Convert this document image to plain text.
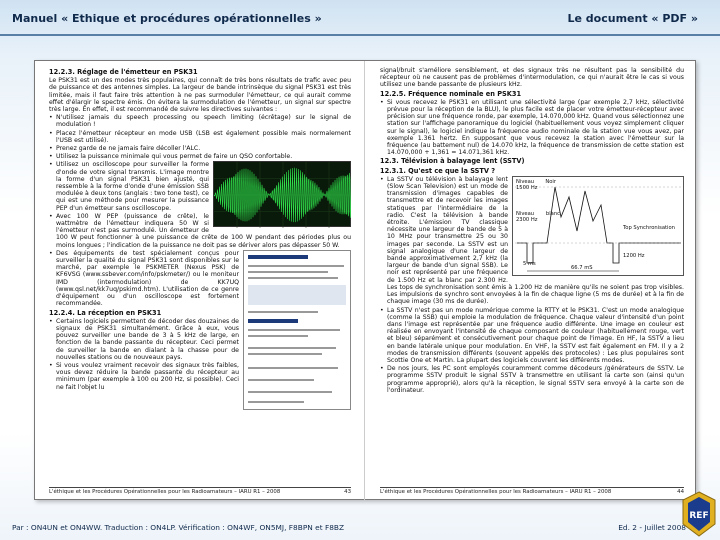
Manuel « Ethique et procédures opérationnelles »	Le document « PDF »
12.2.3. Réglage de l'émetteur en PSK31

Le PSK31 est un des modes très populaires, qui connaît de très bons résultats de trafic avec peu de puissance et des antennes simples. La largeur de bande intrinsèque du signal PSK31 est très limitée, mais il faut faire très attention à ne pas surmoduler l'émetteur, ce qui aurait comme effet d'élargir le spectre émis. On évitera la surmodulation de l'émetteur, un signal sur spectre très large. En effet, il est recommandé de suivre les directives suivantes :

• N'utilisez jamais du speech processing ou speech limiting (écrêtage) sur le signal de modulation !
• Placez l'émetteur récepteur en mode USB (LSB est également possible mais normalement l'USB est utilisé).
• Prenez garde de ne jamais faire décoller l'ALC.
• Utilisez la puissance minimale qui vous permet de faire un QSO confortable.
• Utilisez un oscilloscope pour surveiller la forme d'onde de votre signal transmis. L'image montre la forme d'un signal PSK31 bien ajusté, qui ressemble à la forme d'onde d'une émission SSB modulée à deux tons (anglais : two tone test), ce qui est une méthode pour mesurer la puissance PEP d'un émetteur sans oscilloscope.
• Avec 100 W PEP (puissance de crête), le wattmètre de l'émetteur indiquera 50 W si l'émetteur n'est pas surmodulé. Un émetteur de 100 W peut fonctionner à une puissance de crête de 100 W pendant des périodes plus ou moins longues ; l'indication de la puissance ne doit pas se dériver alors pas dépasser 50 W.
• Des équipements de test spécialement conçus pour surveiller la qualité du signal PSK31 sont disponibles sur le marché, par exemple le PSKMETER (Nexus PSK) de KF6VSG (www.ssbever.com/info/pskmeter/) ou le moniteur IMD (intermodulation) de KK7UQ (www.qsl.net/kk7uq/pskimd.htm). L'utilisation de ce genre d'équipement ou d'un oscilloscope est fortement recommandée.
12.2.4. La réception en PSK31
• Certains logiciels permettent de décoder des douzaines de signaux de PSK31 simultanément. Grâce à eux, vous pouvez surveiller une bande de 3 à 5 kHz de large, en fonction de la bande passante du récepteur. Ceci permet de surveiller la bande en dialant à la chasse pour de nouvelles stations ou de nouveaux pays.
• Si vous voulez vraiment recevoir des signaux très faibles, vous devez réduire la bande passante du récepteur au minimum (par exemple à 100 ou 200 Hz, si possible). Ceci ne fait l'objet lu
L'éthique et les Procédures Opérationnelles pour les Radioamateurs – IARU R1 – 2008	43

signal/bruit s'améliore sensiblement, et des signaux très ne résultent pas la sensibilité du récepteur où ne causent pas de problèmes d'intermodulation, ce qui n'aurait être le cas si vous utilisez une bande passante de plusieurs kHz.

12.2.5. Fréquence nominale en PSK31
• Si vous recevez le PSK31 en utilisant une sélectivité large (par exemple 2,7 kHz, sélectivité prévue pour la réception de la BLU), le plus facile est de placer votre émetteur-récepteur avec précision sur une fréquence ronde, par exemple, 14.070,000 kHz. Quand vous sélectionnez une station sur l'affichage panoramique du logiciel (habituellement vous voyez simplement cliquer sur le signal), le logiciel indique la fréquence audio nominale de la station vue vous avez, par exemple 1.361 hertz. En supposant que vous recevez la station avec l'émetteur sur la fréquence (au battement nul) de 14.070 kHz, la fréquence de transmission de cette station est 14.070,000 + 1,361 = 14.071,361 kHz.
12.3. Télévision à balayage lent (SSTV)
12.3.1. Qu'est ce que la SSTV ?
• Niveau Noir 1500 Hz
Niveau blanc 2300 Hz
Top Synchronisation
1200 Hz
5 ms
66.7 mS
La SSTV ou télévision à balayage lent (Slow Scan Television) est un mode de transmission d'images capables de transmettre et de recevoir les images statiques par l'intermédiaire de la radio. C'est la télévision à bande étroite. L'émission TV classique nécessite une largeur de bande de 5 à 10 MHz pour transmettre 25 ou 30 images par seconde. La SSTV est un signal analogique d'une largeur de bande approximativement 2,7 kHz (la largeur de bande d'un signal SSB). Le noir est représenté par une fréquence de 1.500 Hz et la blanc par 2.300 Hz. Les tops de synchronisation sont émis à 1.200 Hz de manière qu'ils ne soient pas trop visibles. Les impulsions de synchro sont envoyées à la fin de chaque ligne (5 ms de durée) et à la fin de chaque image (30 ms de durée).
• La SSTV n'est pas un mode numérique comme la RTTY et le PSK31. C'est un mode analogique (comme la SSB) qui emploie la modulation de fréquence. Chaque valeur d'intensité d'un point dans l'image est représentée par une fréquence audio différente. Une image en couleur est réalisée en envoyant l'intensité de chaque composant de couleur (habituellement rouge, vert et bleu) séparément et consécutivement pour chaque point de l'image. En HF, la SSTV a lieu en bande latérale unique pour modulation. En VHF, la SSTV est fait également en FM. Il y a 2 modes de transmission différents (souvent appelés des protocoles) : Les plus populaires sont Scottie One et Martin. La plupart des logiciels couvrent les différents modes.
• De nos jours, les PC sont employés couramment comme décodeurs /générateurs de SSTV. Le programme SSTV produit le signal SSTV à transmettre en utilisant la carte son (ainsi qu'un programme approprié), alors qu'à la réception, le signal SSTV sera envoyé à la carte son de l'ordinateur.
L'éthique et les Procédures Opérationnelles pour les Radioamateurs – IARU R1 – 2008	44
Par : ON4UN et ON4WW. Traduction : ON4LP. Vérification : ON4WF, ON5MJ, F8BPN et F8BZ	Ed. 2 - Juillet 2008
REF
